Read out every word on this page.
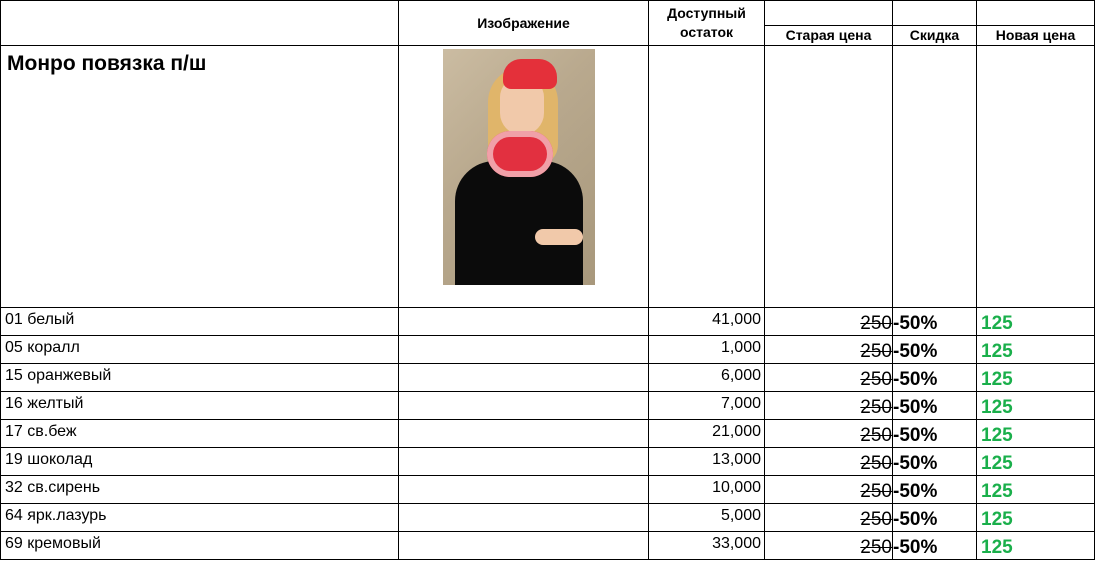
	Изображение	Доступный
остаток			
			Старая цена	Скидка	Новая цена
Монро повязка п/ш	

01 белый		41,000	250	-50%	125
05 коралл		1,000	250	-50%	125
15 оранжевый		6,000	250	-50%	125
16 желтый		7,000	250	-50%	125
17 св.беж		21,000	250	-50%	125
19 шоколад		13,000	250	-50%	125
32 св.сирень		10,000	250	-50%	125
64 ярк.лазурь		5,000	250	-50%	125
69 кремовый		33,000	250	-50%	125
